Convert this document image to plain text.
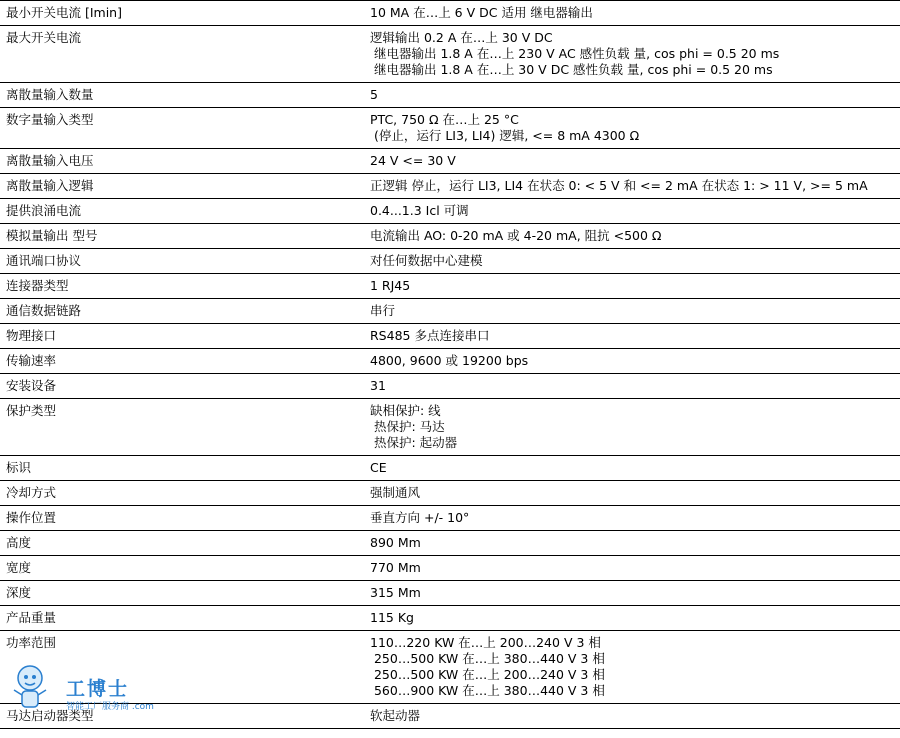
最小开关电流 [Imin]	10 MA 在…上 6 V DC 适用 继电器输出

最大开关电流	逻辑输出 0.2 A 在…上 30 V DC
继电器输出 1.8 A 在…上 230 V AC 感性负载 量, cos phi = 0.5 20 ms
继电器输出 1.8 A 在…上 30 V DC 感性负载 量, cos phi = 0.5 20 ms

离散量输入数量	5

数字量输入类型	PTC, 750 Ω 在…上 25 °C
(停止，运行 LI3, LI4) 逻辑, <= 8 mA 4300 Ω

离散量输入电压	24 V <= 30 V

离散量输入逻辑	正逻辑 停止，运行 LI3, LI4 在状态 0: < 5 V 和 <= 2 mA 在状态 1: > 11 V, >= 5 mA

提供浪涌电流	0.4...1.3 Icl 可调

模拟量输出 型号	电流输出 AO: 0-20 mA 或 4-20 mA, 阻抗 <500 Ω

通讯端口协议	对任何数据中心建模

连接器类型	1 RJ45

通信数据链路	串行

物理接口	RS485 多点连接串口

传输速率	4800, 9600 或 19200 bps

安装设备	31

保护类型	缺相保护: 线
热保护: 马达
热保护: 起动器

标识	CE

冷却方式	强制通风

操作位置	垂直方向 +/- 10°

高度	890 Mm

宽度	770 Mm

深度	315 Mm

产品重量	115 Kg

功率范围	110…220 KW 在…上 200…240 V 3 相
250…500 KW 在…上 380…440 V 3 相
250…500 KW 在…上 200…240 V 3 相
560…900 KW 在…上 380…440 V 3 相

马达启动器类型	软起动器
工博士
智能工厂服务商 .com
